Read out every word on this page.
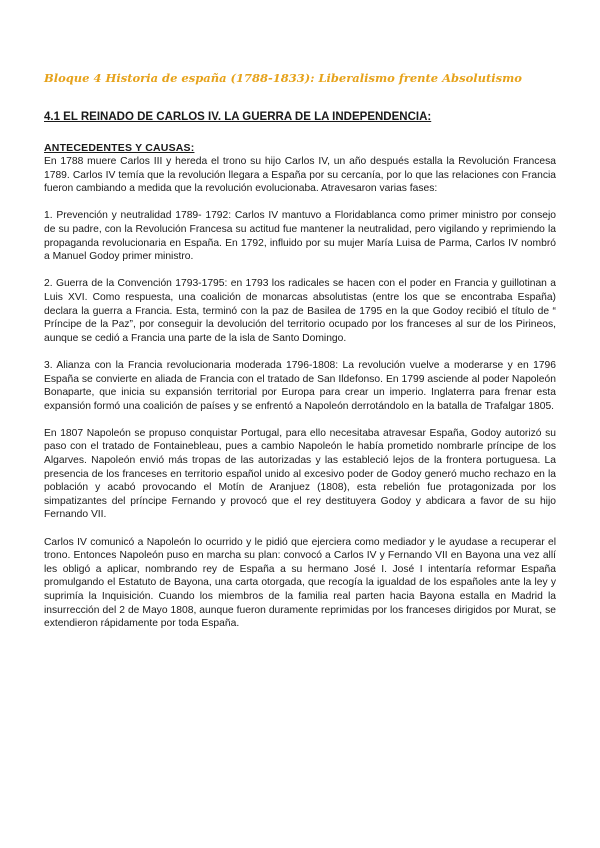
Bloque 4 Historia de españa (1788-1833): Liberalismo frente Absolutismo
4.1 EL REINADO DE CARLOS IV. LA GUERRA DE LA INDEPENDENCIA:
ANTECEDENTES Y CAUSAS:

En 1788 muere Carlos III y hereda el trono su hijo Carlos IV, un año después estalla la Revolución Francesa 1789. Carlos IV temía que la revolución llegara a España por su cercanía, por lo que las relaciones con Francia fueron cambiando a medida que la revolución evolucionaba. Atravesaron varias fases:

1. Prevención y neutralidad 1789- 1792: Carlos IV mantuvo a Floridablanca como primer ministro por consejo de su padre, con la Revolución Francesa su actitud fue mantener la neutralidad, pero vigilando y reprimiendo la propaganda revolucionaria en España. En 1792, influido por su mujer María Luisa de Parma, Carlos IV nombró a Manuel Godoy primer ministro.

2. Guerra de la Convención 1793-1795: en 1793 los radicales se hacen con el poder en Francia y guillotinan a Luis XVI. Como respuesta, una coalición de monarcas absolutistas (entre los que se encontraba España) declara la guerra a Francia. Esta, terminó con la paz de Basilea de 1795 en la que Godoy recibió el título de “ Príncipe de la Paz”, por conseguir la devolución del territorio ocupado por los franceses al sur de los Pirineos, aunque se cedió a Francia una parte de la isla de Santo Domingo.

3. Alianza con la Francia revolucionaria moderada 1796-1808: La revolución vuelve a moderarse y en 1796 España se convierte en aliada de Francia con el tratado de San Ildefonso. En 1799 asciende al poder Napoleón Bonaparte, que inicia su expansión territorial por Europa para crear un imperio. Inglaterra para frenar esta expansión formó una coalición de países y se enfrentó a Napoleón derrotándolo en la batalla de Trafalgar 1805.

En 1807 Napoleón se propuso conquistar Portugal, para ello necesitaba atravesar España, Godoy autorizó su paso con el tratado de Fontainebleau, pues a cambio Napoleón le había prometido nombrarle príncipe de los Algarves. Napoleón envió más tropas de las autorizadas y las estableció lejos de la frontera portuguesa. La presencia de los franceses en territorio español unido al excesivo poder de Godoy generó mucho rechazo en la población y acabó provocando el Motín de Aranjuez (1808), esta rebelión fue protagonizada por los simpatizantes del príncipe Fernando y provocó que el rey destituyera Godoy y abdicara a favor de su hijo Fernando VII.

Carlos IV comunicó a Napoleón lo ocurrido y le pidió que ejerciera como mediador y le ayudase a recuperar el trono. Entonces Napoleón puso en marcha su plan: convocó a Carlos IV y Fernando VII en Bayona una vez allí les obligó a aplicar, nombrando rey de España a su hermano José I. José I intentaría reformar España promulgando el Estatuto de Bayona, una carta otorgada, que recogía la igualdad de los españoles ante la ley y suprimía la Inquisición. Cuando los miembros de la familia real parten hacia Bayona estalla en Madrid la insurrección del 2 de Mayo 1808, aunque fueron duramente reprimidas por los franceses dirigidos por Murat, se extendieron rápidamente por toda España.
